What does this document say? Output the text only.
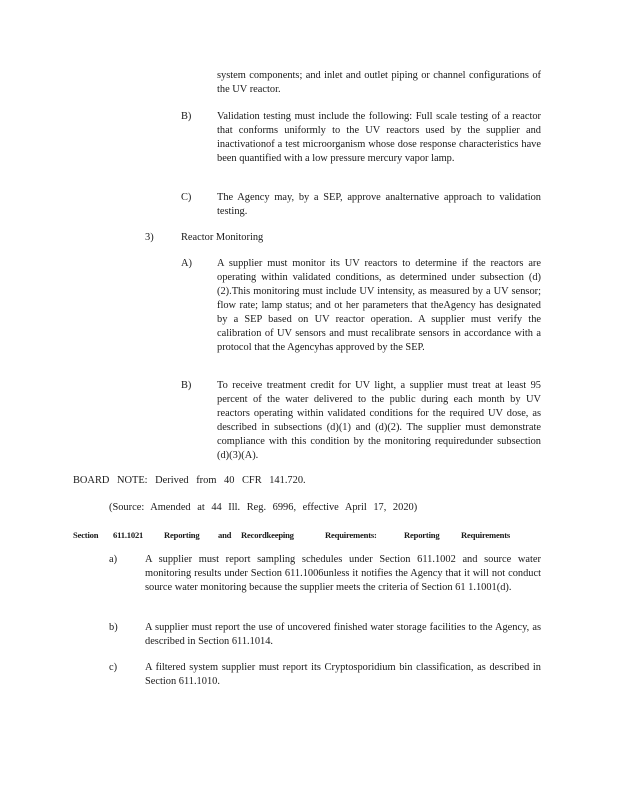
system components; and inlet and outlet piping or channel configurations of the UV reactor.
B) Validation testing must include the following: Full scale testing of a reactor that conforms uniformly to the UV reactors used by the supplier and inactivationof a test microorganism whose dose response characteristics have been quantified with a low pressure mercury vapor lamp.
C) The Agency may, by a SEP, approve analternative approach to validation testing.
3)	Reactor Monitoring
A) A supplier must monitor its UV reactors to determine if the reactors are operating within validated conditions, as determined under subsection (d)(2).This monitoring must include UV intensity, as measured by a UV sensor; flow rate; lamp status; and ot her parameters that theAgency has designated by a SEP based on UV reactor operation. A supplier must verify the calibration of UV sensors and must recalibrate sensors in accordance with a protocol that the Agencyhas approved by the SEP.
B) To receive treatment credit for UV light, a supplier must treat at least 95 percent of the water delivered to the public during each month by UV reactors operating within validated conditions for the required UV dose, as described in subsections (d)(1) and (d)(2). The supplier must demonstrate compliance with this condition by the monitoring requiredunder subsection (d)(3)(A).
BOARD NOTE: Derived from 40 CFR 141.720.
(Source: Amended at 44 Ill. Reg. 6996, effective April 17, 2020)
Section 611.1021 Reporting and Recordkeeping	Requirements:	Reporting	Requirements
a)	A supplier must report sampling schedules under Section 611.1002 and source water monitoring results under Section 611.1006unless it notifies the Agency that it will not conduct source water monitoring because the supplier meets the criteria of Section 61 1.1001(d).
b)	A supplier must report the use of uncovered finished water storage facilities to the Agency, as described in Section 611.1014.
c)	A filtered system supplier must report its Cryptosporidium bin classification, as described in Section 611.1010.
